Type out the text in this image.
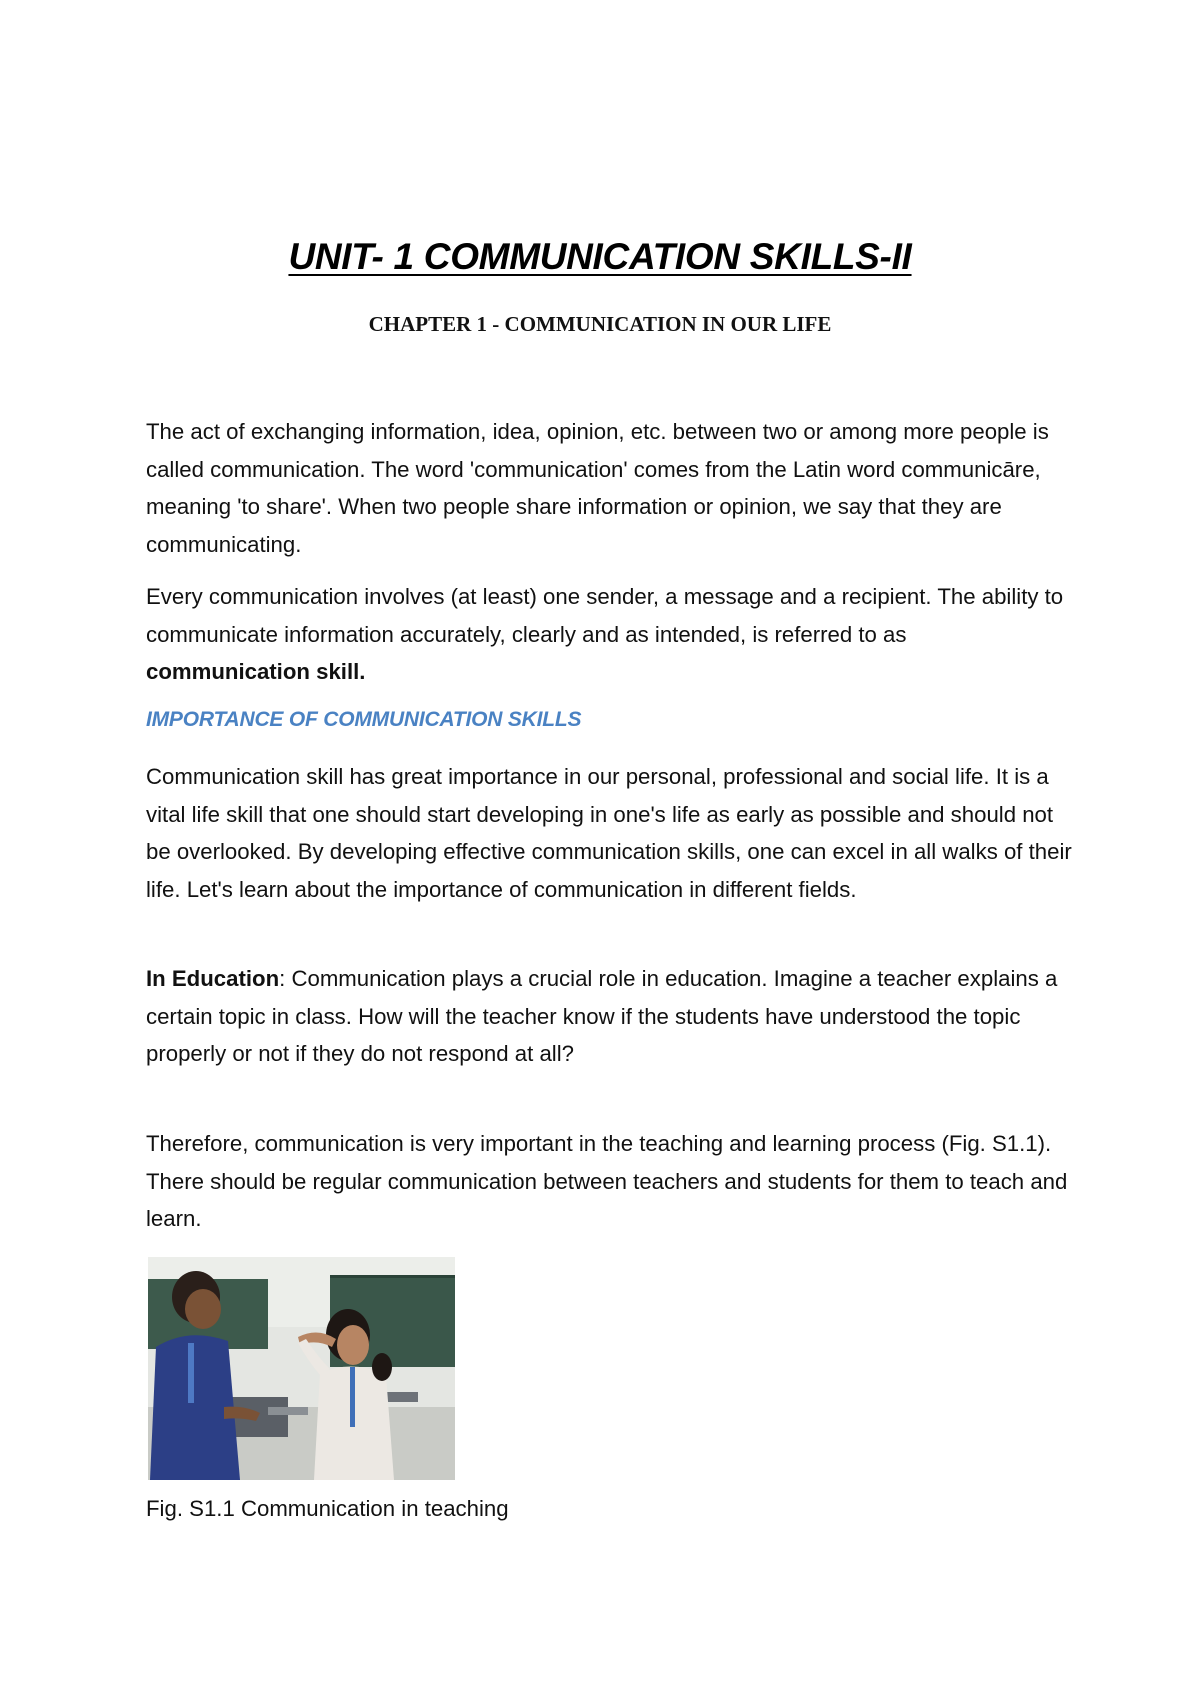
UNIT- 1 COMMUNICATION SKILLS-II
CHAPTER 1 - COMMUNICATION IN OUR LIFE

The act of exchanging information, idea, opinion, etc. between two or among more people is called communication. The word 'communication' comes from the Latin word communicāre, meaning 'to share'. When two people share information or opinion, we say that they are communicating.

Every communication involves (at least) one sender, a message and a recipient. The ability to communicate information accurately, clearly and as intended, is referred to as communication skill.

IMPORTANCE OF COMMUNICATION SKILLS

Communication skill has great importance in our personal, professional and social life. It is a vital life skill that one should start developing in one's life as early as possible and should not be overlooked. By developing effective communication skills, one can excel in all walks of their life. Let's learn about the importance of communication in different fields.

In Education: Communication plays a crucial role in education. Imagine a teacher explains a certain topic in class. How will the teacher know if the students have understood the topic properly or not if they do not respond at all?

Therefore, communication is very important in the teaching and learning process (Fig. S1.1). There should be regular communication between teachers and students for them to teach and learn.

Fig. S1.1 Communication in teaching
